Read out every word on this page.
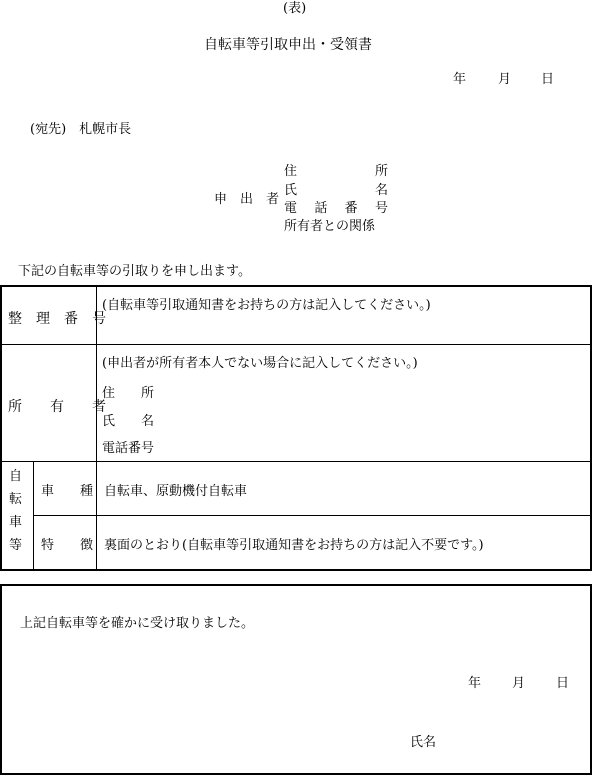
(表)
自転車等引取申出・受領書
年 月 日
(宛先)　札幌市長
申　出　者
住	所
氏	名
電 話 番 号
所有者との関係
下記の自転車等の引取りを申し出ます。
整　理　番　号
(自転車等引取通知書をお持ちの方は記入してください。)
所　　有　　者
(申出者が所有者本人でない場合に記入してください。)
住　　所
氏　　名
電話番号
自
転
車
等
車　　種 自転車、原動機付自転車
特　　徴 裏面のとおり(自転車等引取通知書をお持ちの方は記入不要です。)
上記自転車等を確かに受け取りました。
年 月 日
氏名
